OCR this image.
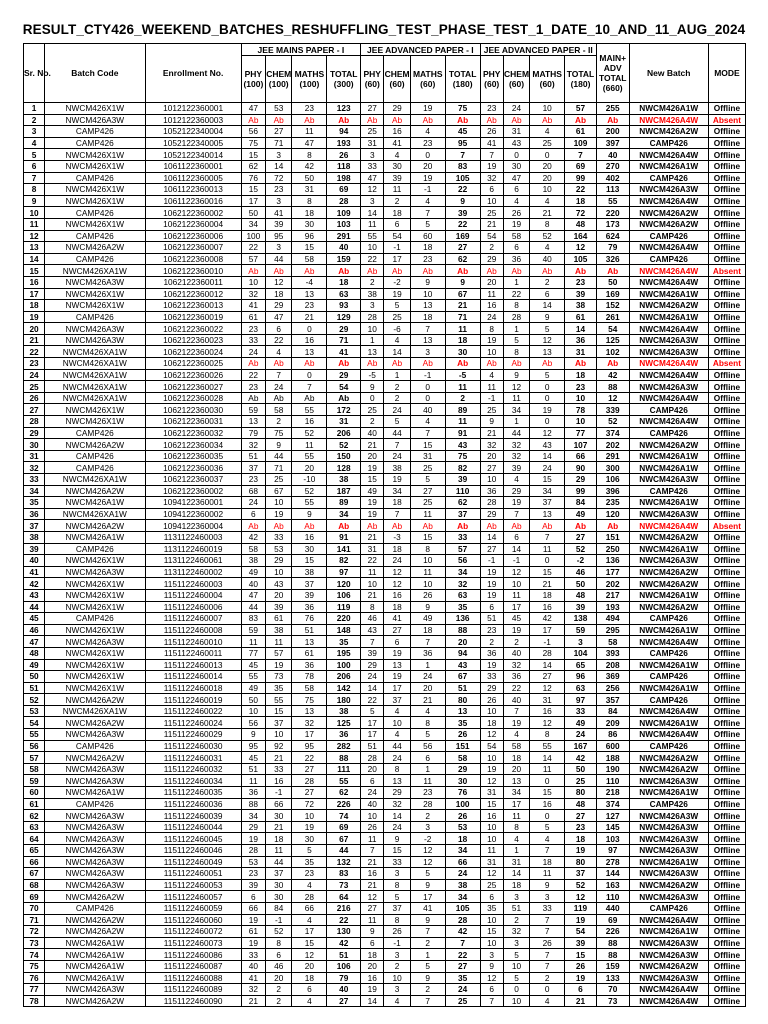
RESULT_CTY426_WEEKEND_BATCHES_RESHUFFLING_TEST_PHASE_TEST_1_DATE_10_AND_11_AUG_2024
Sr. No.	Batch Code	Enrollment No.	JEE MAINS PAPER - I				JEE ADVANCED PAPER - I				JEE ADVANCED PAPER - II				MAIN+ ADV TOTAL (660)	New Batch	MODE
			PHY (100)	CHEM (100)	MATHS (100)	TOTAL (300)	PHY (60)	CHEM (60)	MATHS (60)	TOTAL (180)	PHY (60)	CHEM (60)	MATHS (60)	TOTAL (180)			
1	NWCM426X1W	1012122360001	47	53	23	123	27	29	19	75	23	24	10	57	255	NWCM426A1W	Offline
2	NWCM426A3W	1012122360003	Ab	Ab	Ab	Ab	Ab	Ab	Ab	Ab	Ab	Ab	Ab	Ab	Ab	NWCM426A4W	Absent
3	CAMP426	1052122340004	56	27	11	94	25	16	4	45	26	31	4	61	200	NWCM426A2W	Offline
4	CAMP426	1052122340005	75	71	47	193	31	41	23	95	41	43	25	109	397	CAMP426	Offline
5	NWCM426X1W	1052122340014	15	3	8	26	3	4	0	7	7	0	0	7	40	NWCM426A4W	Offline
6	NWCM426X1W	1061122360001	62	14	42	118	33	30	20	83	19	30	20	69	270	NWCM426A1W	Offline
7	CAMP426	1061122360005	76	72	50	198	47	39	19	105	32	47	20	99	402	CAMP426	Offline
8	NWCM426X1W	1061122360013	15	23	31	69	12	11	-1	22	6	6	10	22	113	NWCM426A3W	Offline
9	NWCM426X1W	1061122360016	17	3	8	28	3	2	4	9	10	4	4	18	55	NWCM426A4W	Offline
10	CAMP426	1062122360002	50	41	18	109	14	18	7	39	25	26	21	72	220	NWCM426A2W	Offline
11	NWCM426X1W	1062122360004	34	39	30	103	11	6	5	22	21	19	8	48	173	NWCM426A2W	Offline
12	CAMP426	1062122360006	100	95	96	291	55	54	60	169	54	58	52	164	624	CAMP426	Offline
13	NWCM426A2W	1062122360007	22	3	15	40	10	-1	18	27	2	6	4	12	79	NWCM426A4W	Offline
14	CAMP426	1062122360008	57	44	58	159	22	17	23	62	29	36	40	105	326	CAMP426	Offline
15	NWCM426XA1W	1062122360010	Ab	Ab	Ab	Ab	Ab	Ab	Ab	Ab	Ab	Ab	Ab	Ab	Ab	NWCM426A4W	Absent
16	NWCM426A3W	1062122360011	10	12	-4	18	2	-2	9	9	20	1	2	23	50	NWCM426A4W	Offline
17	NWCM426X1W	1062122360012	32	18	13	63	38	19	10	67	11	22	6	39	169	NWCM426A1W	Offline
18	NWCM426X1W	1062122360013	41	29	23	93	3	5	13	21	16	8	14	38	152	NWCM426A2W	Offline
19	CAMP426	1062122360019	61	47	21	129	28	25	18	71	24	28	9	61	261	NWCM426A1W	Offline
20	NWCM426A3W	1062122360022	23	6	0	29	10	-6	7	11	8	1	5	14	54	NWCM426A4W	Offline
21	NWCM426A3W	1062122360023	33	22	16	71	1	4	13	18	19	5	12	36	125	NWCM426A3W	Offline
22	NWCM426XA1W	1062122360024	24	4	13	41	13	14	3	30	10	8	13	31	102	NWCM426A3W	Offline
23	NWCM426XA1W	1062122360025	Ab	Ab	Ab	Ab	Ab	Ab	Ab	Ab	Ab	Ab	Ab	Ab	Ab	NWCM426A4W	Absent
24	NWCM426XA1W	1062122360026	22	7	0	29	-5	1	-1	-5	4	9	5	18	42	NWCM426A4W	Offline
25	NWCM426XA1W	1062122360027	23	24	7	54	9	2	0	11	11	12	0	23	88	NWCM426A3W	Offline
26	NWCM426XA1W	1062122360028	Ab	Ab	Ab	Ab	0	2	0	2	-1	11	0	10	12	NWCM426A4W	Offline
27	NWCM426X1W	1062122360030	59	58	55	172	25	24	40	89	25	34	19	78	339	CAMP426	Offline
28	NWCM426X1W	1062122360031	13	2	16	31	2	5	4	11	9	1	0	10	52	NWCM426A4W	Offline
29	CAMP426	1062122360032	79	75	52	206	40	44	7	91	21	44	12	77	374	CAMP426	Offline
30	NWCM426A2W	1062122360034	32	9	11	52	21	7	15	43	32	32	43	107	202	NWCM426A2W	Offline
31	CAMP426	1062122360035	51	44	55	150	20	24	31	75	20	32	14	66	291	NWCM426A1W	Offline
32	CAMP426	1062122360036	37	71	20	128	19	38	25	82	27	39	24	90	300	NWCM426A1W	Offline
33	NWCM426XA1W	1062122360037	23	25	-10	38	15	19	5	39	10	4	15	29	106	NWCM426A3W	Offline
34	NWCM426A2W	1062122360002	68	67	52	187	49	34	27	110	36	29	34	99	396	CAMP426	Offline
35	NWCM426A1W	1094122360001	24	10	55	89	19	18	25	62	28	19	37	84	235	NWCM426A1W	Offline
36	NWCM426XA1W	1094122360002	6	19	9	34	19	7	11	37	29	7	13	49	120	NWCM426A3W	Offline
37	NWCM426A2W	1094122360004	Ab	Ab	Ab	Ab	Ab	Ab	Ab	Ab	Ab	Ab	Ab	Ab	Ab	NWCM426A4W	Absent
38	NWCM426A1W	1131122460003	42	33	16	91	21	-3	15	33	14	6	7	27	151	NWCM426A2W	Offline
39	CAMP426	1131122460019	58	53	30	141	31	18	8	57	27	14	11	52	250	NWCM426A1W	Offline
40	NWCM426X1W	1131122460061	38	29	15	82	22	24	10	56	-1	-1	0	-2	136	NWCM426A3W	Offline
41	NWCM426A3W	1131122460002	49	10	38	97	11	12	11	34	19	12	15	46	177	NWCM426A2W	Offline
42	NWCM426X1W	1151122460003	40	43	37	120	10	12	10	32	19	10	21	50	202	NWCM426A2W	Offline
43	NWCM426X1W	1151122460004	47	20	39	106	21	16	26	63	19	11	18	48	217	NWCM426A1W	Offline
44	NWCM426X1W	1151122460006	44	39	36	119	8	18	9	35	6	17	16	39	193	NWCM426A2W	Offline
45	CAMP426	1151122460007	83	61	76	220	46	41	49	136	51	45	42	138	494	CAMP426	Offline
46	NWCM426X1W	1151122460008	59	38	51	148	43	27	18	88	23	19	17	59	295	NWCM426A1W	Offline
47	NWCM426A3W	1151122460010	11	11	13	35	7	6	7	20	2	2	-1	3	58	NWCM426A4W	Offline
48	NWCM426X1W	1151122460011	77	57	61	195	39	19	36	94	36	40	28	104	393	CAMP426	Offline
49	NWCM426X1W	1151122460013	45	19	36	100	29	13	1	43	19	32	14	65	208	NWCM426A1W	Offline
50	NWCM426X1W	1151122460014	55	73	78	206	24	19	24	67	33	36	27	96	369	CAMP426	Offline
51	NWCM426X1W	1151122460018	49	35	58	142	14	17	20	51	29	22	12	63	256	NWCM426A1W	Offline
52	NWCM426A2W	1151122460019	50	55	75	180	22	37	21	80	26	40	31	97	357	CAMP426	Offline
53	NWCM426XA1W	1151122460022	10	15	13	38	5	4	4	13	10	7	16	33	84	NWCM426A4W	Offline
54	NWCM426A2W	1151122460024	56	37	32	125	17	10	8	35	18	19	12	49	209	NWCM426A1W	Offline
55	NWCM426A3W	1151122460029	9	10	17	36	17	4	5	26	12	4	8	24	86	NWCM426A4W	Offline
56	CAMP426	1151122460030	95	92	95	282	51	44	56	151	54	58	55	167	600	CAMP426	Offline
57	NWCM426A2W	1151122460031	45	21	22	88	28	24	6	58	10	18	14	42	188	NWCM426A2W	Offline
58	NWCM426A3W	1151122460032	51	33	27	111	20	8	1	29	19	20	11	50	190	NWCM426A2W	Offline
59	NWCM426A3W	1151122460034	11	16	28	55	6	13	11	30	12	13	0	25	110	NWCM426A3W	Offline
60	NWCM426A1W	1151122460035	36	-1	27	62	24	29	23	76	31	34	15	80	218	NWCM426A1W	Offline
61	CAMP426	1151122460036	88	66	72	226	40	32	28	100	15	17	16	48	374	CAMP426	Offline
62	NWCM426A3W	1151122460039	34	30	10	74	10	14	2	26	16	11	0	27	127	NWCM426A3W	Offline
63	NWCM426A3W	1151122460044	29	21	19	69	26	24	3	53	10	8	5	23	145	NWCM426A3W	Offline
64	NWCM426A3W	1151122460045	19	18	30	67	11	9	-2	18	10	4	4	18	103	NWCM426A3W	Offline
65	NWCM426A3W	1151122460046	28	11	5	44	7	15	12	34	11	1	7	19	97	NWCM426A3W	Offline
66	NWCM426A3W	1151122460049	53	44	35	132	21	33	12	66	31	31	18	80	278	NWCM426A1W	Offline
67	NWCM426A3W	1151122460051	23	37	23	83	16	3	5	24	12	14	11	37	144	NWCM426A3W	Offline
68	NWCM426A3W	1151122460053	39	30	4	73	21	8	9	38	25	18	9	52	163	NWCM426A2W	Offline
69	NWCM426A2W	1151122460057	6	30	28	64	12	5	17	34	6	3	3	12	110	NWCM426A3W	Offline
70	CAMP426	1151122460059	66	84	66	216	27	37	41	105	35	51	33	119	440	CAMP426	Offline
71	NWCM426A2W	1151122460060	19	-1	4	22	11	8	9	28	10	2	7	19	69	NWCM426A4W	Offline
72	NWCM426A2W	1151122460072	61	52	17	130	9	26	7	42	15	32	7	54	226	NWCM426A1W	Offline
73	NWCM426A1W	1151122460073	19	8	15	42	6	-1	2	7	10	3	26	39	88	NWCM426A3W	Offline
74	NWCM426A1W	1151122460086	33	6	12	51	18	3	1	22	3	5	7	15	88	NWCM426A3W	Offline
75	NWCM426A1W	1151122460087	40	46	20	106	20	2	5	27	9	10	7	26	159	NWCM426A2W	Offline
76	NWCM426A1W	1151122460088	41	20	18	79	16	10	9	35	12	5	2	19	133	NWCM426A3W	Offline
77	NWCM426A3W	1151122460089	32	2	6	40	19	3	2	24	6	0	0	6	70	NWCM426A4W	Offline
78	NWCM426A2W	1151122460090	21	2	4	27	14	4	7	25	7	10	4	21	73	NWCM426A4W	Offline
